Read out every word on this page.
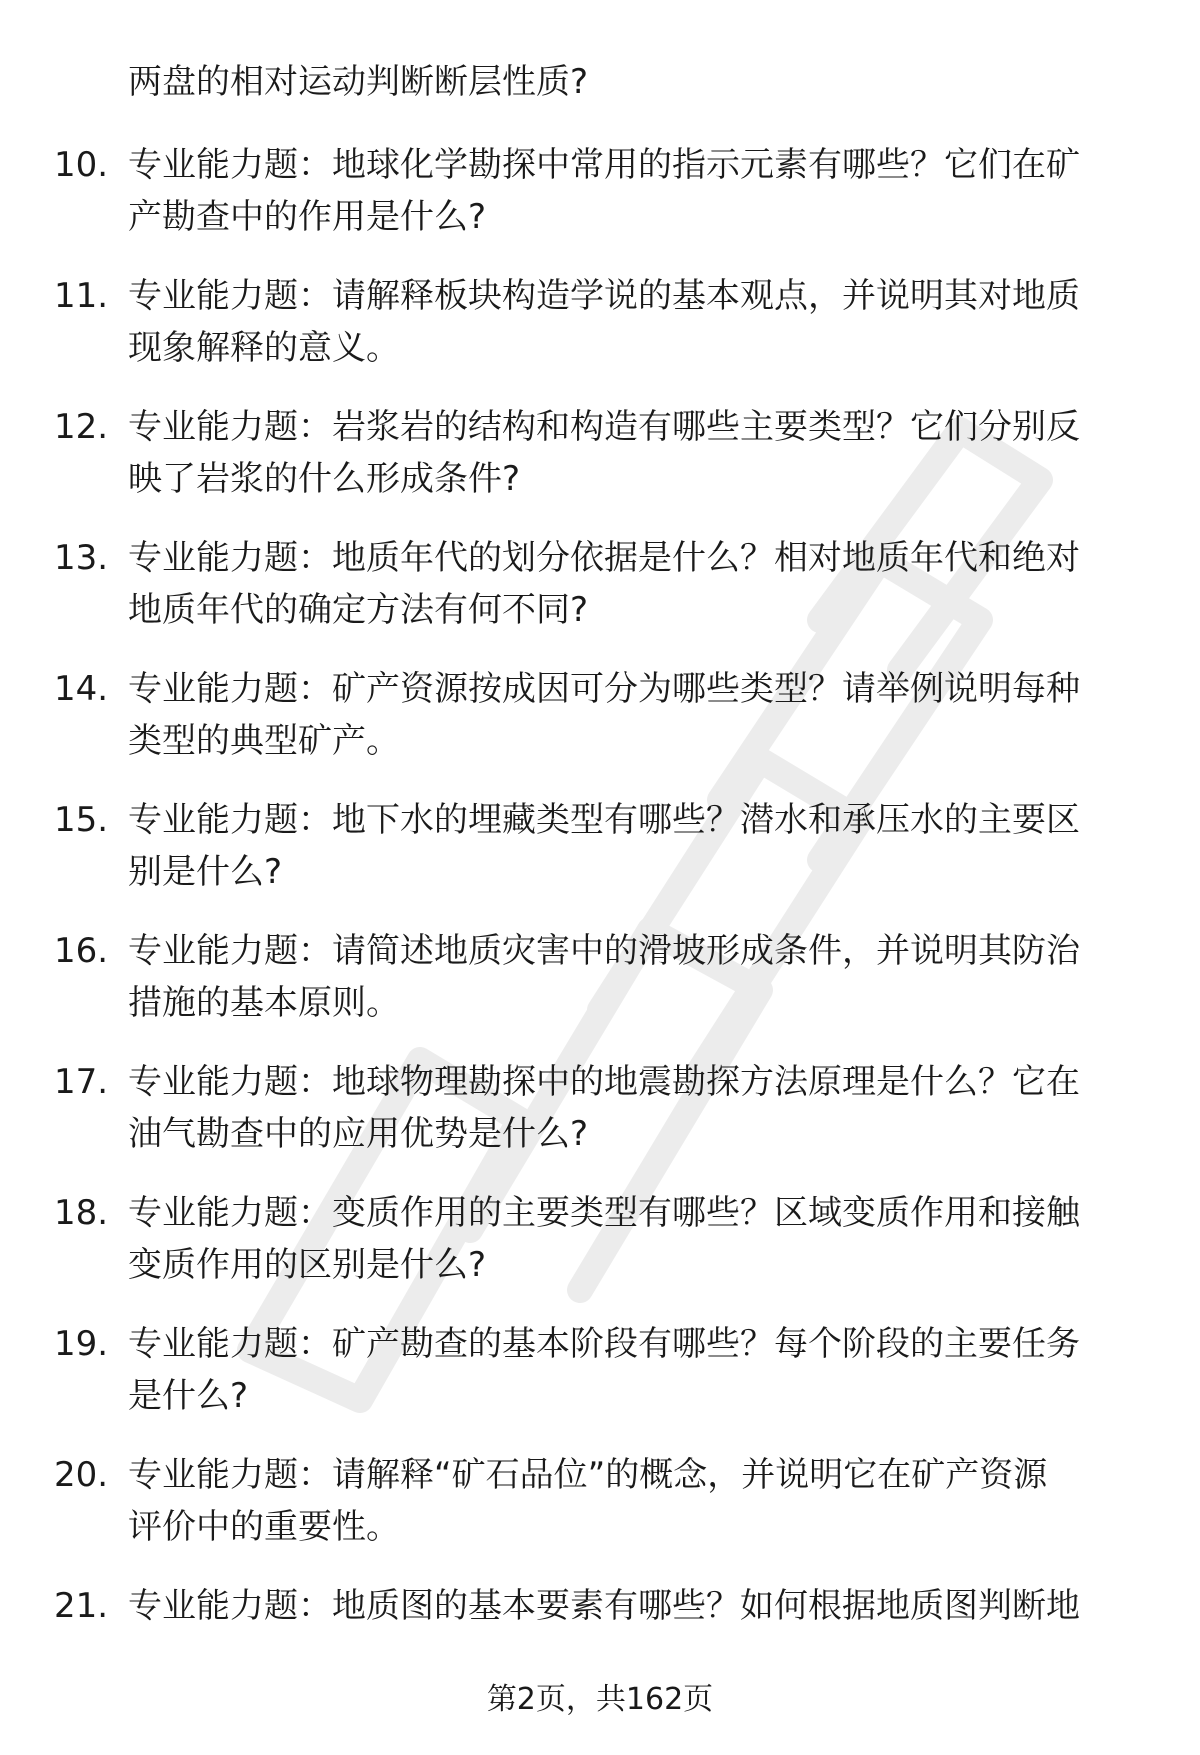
两盘的相对运动判断断层性质?
10. 专业能力题：地球化学勘探中常用的指示元素有哪些？它们在矿
产勘查中的作用是什么?
11. 专业能力题：请解释板块构造学说的基本观点，并说明其对地质
现象解释的意义。
12. 专业能力题：岩浆岩的结构和构造有哪些主要类型？它们分别反
映了岩浆的什么形成条件?
13. 专业能力题：地质年代的划分依据是什么？相对地质年代和绝对
地质年代的确定方法有何不同?
14. 专业能力题：矿产资源按成因可分为哪些类型？请举例说明每种
类型的典型矿产。
15. 专业能力题：地下水的埋藏类型有哪些？潜水和承压水的主要区
别是什么?
16. 专业能力题：请简述地质灾害中的滑坡形成条件，并说明其防治
措施的基本原则。
17. 专业能力题：地球物理勘探中的地震勘探方法原理是什么？它在
油气勘查中的应用优势是什么?
18. 专业能力题：变质作用的主要类型有哪些？区域变质作用和接触
变质作用的区别是什么?
19. 专业能力题：矿产勘查的基本阶段有哪些？每个阶段的主要任务
是什么?
20. 专业能力题：请解释“矿石品位”的概念，并说明它在矿产资源
评价中的重要性。
21. 专业能力题：地质图的基本要素有哪些？如何根据地质图判断地
第2页，共162页
